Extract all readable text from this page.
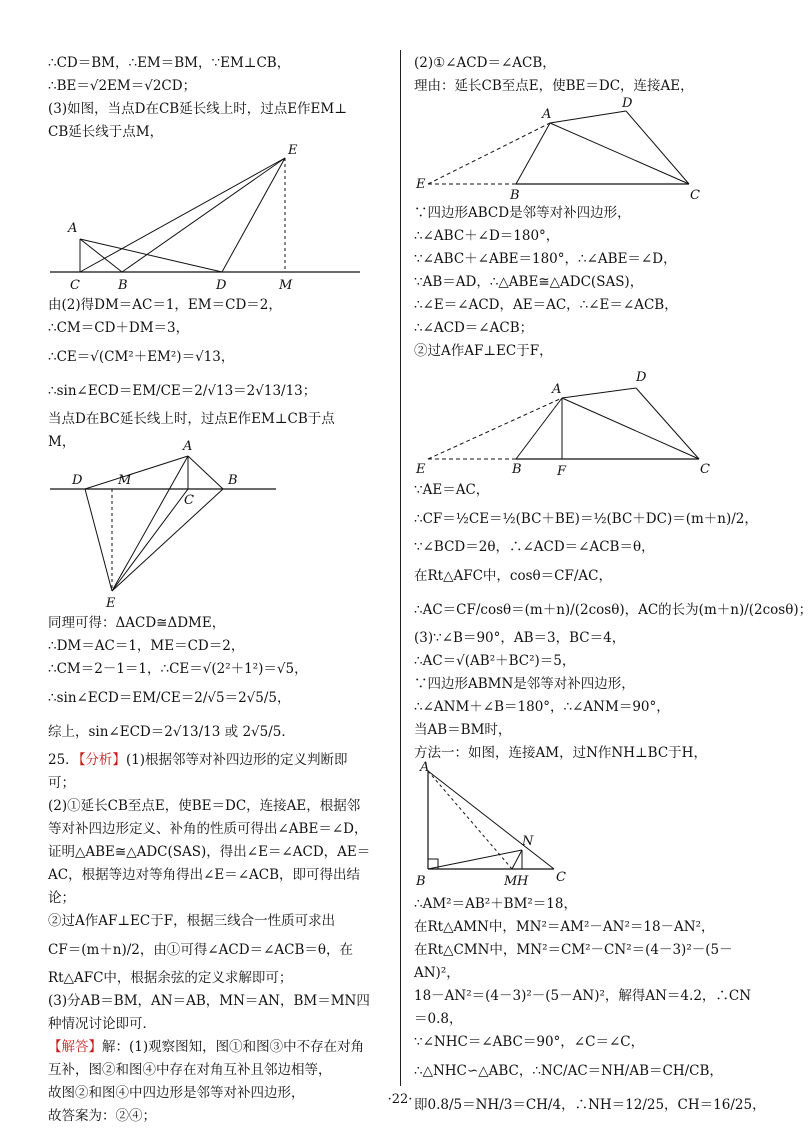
∴CD＝BM，∴EM＝BM，∵EM⊥CB，
∴BE＝√2EM＝√2CD；
(3)如图，当点D在CB延长线上时，过点E作EM⊥
CB延长线于点M，
E
A
C	B	D	M
由(2)得DM＝AC＝1，EM＝CD＝2，
∴CM＝CD＋DM＝3，
∴CE＝√(CM²＋EM²)＝√13，
∴sin∠ECD＝EM/CE＝2/√13＝2√13/13；
当点D在BC延长线上时，过点E作EM⊥CB于点
M，	A
D	M
C
B
E
同理可得：ΔACD≅ΔDME，
∴DM＝AC＝1，ME＝CD＝2，
∴CM＝2－1＝1，∴CE＝√(2²＋1²)＝√5，
∴sin∠ECD＝EM/CE＝2/√5＝2√5/5，
综上，sin∠ECD＝2√13/13 或 2√5/5．
25．【分析】(1)根据邻等对补四边形的定义判断即
可；
(2)①延长CB至点E，使BE＝DC，连接AE，根据邻
等对补四边形定义、补角的性质可得出∠ABE＝∠D，
证明△ABE≅△ADC(SAS)，得出∠E＝∠ACD，AE＝
AC，根据等边对等角得出∠E＝∠ACB，即可得出结
论；
②过A作AF⊥EC于F，根据三线合一性质可求出
CF＝(m＋n)/2，由①可得∠ACD＝∠ACB＝θ，在
Rt△AFC中，根据余弦的定义求解即可；
(3)分AB＝BM，AN＝AB，MN＝AN，BM＝MN四
种情况讨论即可．
【解答】解：(1)观察图知，图①和图③中不存在对角
互补，图②和图④中存在对角互补且邻边相等，
故图②和图④中四边形是邻等对补四边形，
故答案为：②④；
(2)①∠ACD＝∠ACB，
理由：延长CB至点E，使BE＝DC，连接AE，
A
D
E
B	C
∵四边形ABCD是邻等对补四边形，
∴∠ABC＋∠D＝180°，
∵∠ABC＋∠ABE＝180°，∴∠ABE＝∠D，
∵AB＝AD，∴△ABE≅△ADC(SAS)，
∴∠E＝∠ACD，AE＝AC，∴∠E＝∠ACB，
∴∠ACD＝∠ACB；
②过A作AF⊥EC于F，
D
A
E	B	F	C
∵AE＝AC，
∴CF＝½CE＝½(BC＋BE)＝½(BC＋DC)＝(m＋n)/2，
∵∠BCD＝2θ，∴∠ACD＝∠ACB＝θ，
在Rt△AFC中，cosθ＝CF/AC，
∴AC＝CF/cosθ＝(m＋n)/(2cosθ)，AC的长为(m＋n)/(2cosθ)；
(3)∵∠B＝90°，AB＝3，BC＝4，
∴AC＝√(AB²＋BC²)＝5，
∵四边形ABMN是邻等对补四边形，
∴∠ANM＋∠B＝180°，∴∠ANM＝90°，
当AB＝BM时，
方法一：如图，连接AM，过N作NH⊥BC于H，
A
N
B	M H C
∴AM²＝AB²＋BM²＝18，
在Rt△AMN中，MN²＝AM²－AN²＝18－AN²，
在Rt△CMN中，MN²＝CM²－CN²＝(4－3)²－(5－
AN)²，
18－AN²＝(4－3)²－(5－AN)²，解得AN＝4.2，∴CN
＝0.8，
∵∠NHC＝∠ABC＝90°，∠C＝∠C，
∴△NHC∽△ABC，∴NC/AC＝NH/AB＝CH/CB，
即0.8/5＝NH/3＝CH/4，∴NH＝12/25，CH＝16/25，
·22·
